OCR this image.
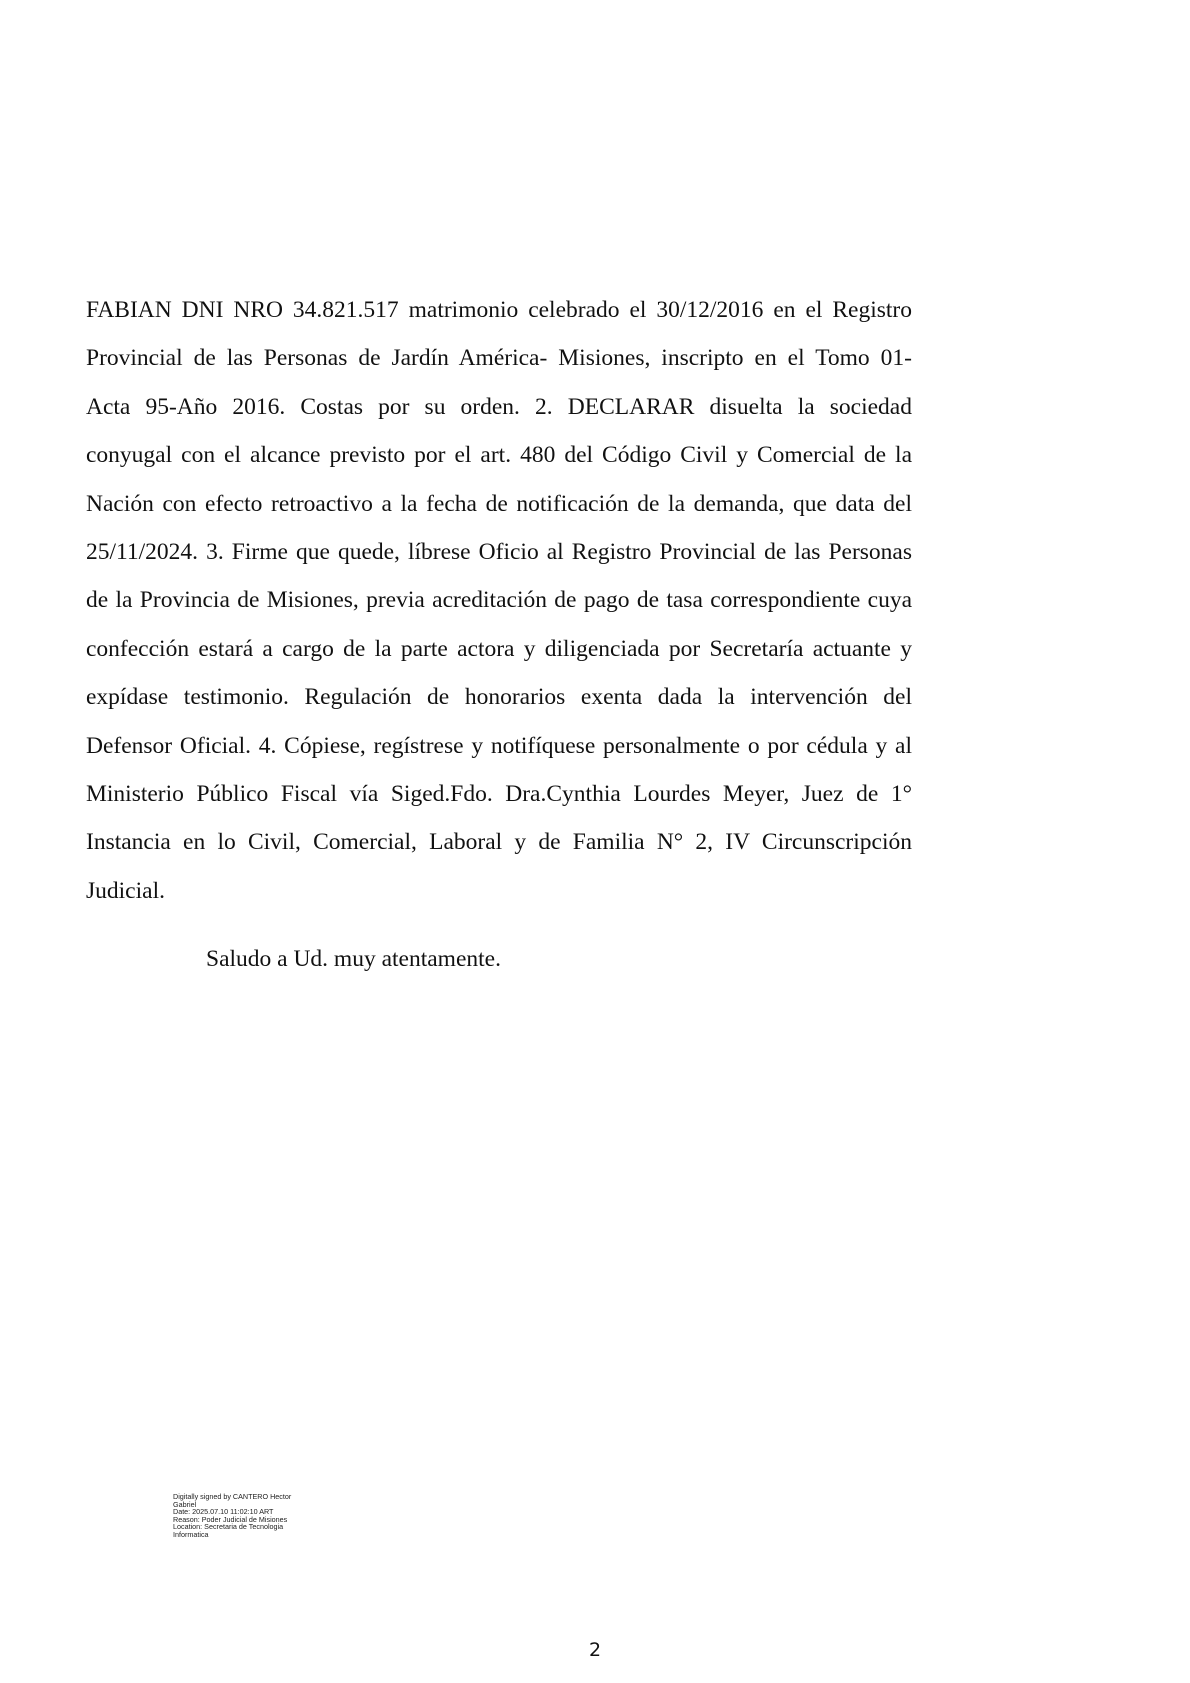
FABIAN DNI NRO 34.821.517 matrimonio celebrado el 30/12/2016 en el Registro
Provincial de las Personas de Jardín América- Misiones, inscripto en el Tomo 01-
Acta 95-Año 2016. Costas por su orden. 2. DECLARAR disuelta la sociedad
conyugal con el alcance previsto por el art. 480 del Código Civil y Comercial de la
Nación con efecto retroactivo a la fecha de notificación de la demanda, que data del
25/11/2024. 3. Firme que quede, líbrese Oficio al Registro Provincial de las Personas
de la Provincia de Misiones, previa acreditación de pago de tasa correspondiente cuya
confección estará a cargo de la parte actora y diligenciada por Secretaría actuante y
expídase testimonio. Regulación de honorarios exenta dada la intervención del
Defensor Oficial. 4. Cópiese, regístrese y notifíquese personalmente o por cédula y al
Ministerio Público Fiscal vía Siged.Fdo. Dra.Cynthia Lourdes Meyer, Juez de 1°
Instancia en lo Civil, Comercial, Laboral y de Familia N° 2, IV Circunscripción
Judicial.
Saludo a Ud. muy atentamente.
Digitally signed by CANTERO Hector
Gabriel
Date: 2025.07.10 11:02:10 ART
Reason: Poder Judicial de Misiones
Location: Secretaria de Tecnologia
Informatica
2
